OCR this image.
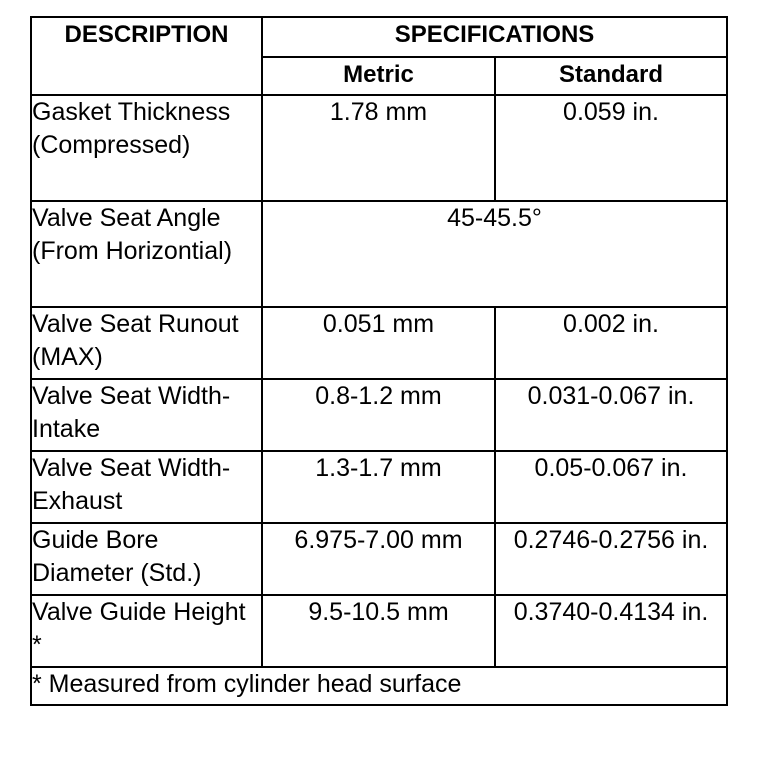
DESCRIPTION	SPECIFICATIONS	
	Metric	Standard
Gasket Thickness (Compressed)	1.78 mm	0.059 in.
Valve Seat Angle (From Horizontial)	45-45.5°	
Valve Seat Runout (MAX)	0.051 mm	0.002 in.
Valve Seat Width-Intake	0.8-1.2 mm	0.031-0.067 in.
Valve Seat Width-Exhaust	1.3-1.7 mm	0.05-0.067 in.
Guide Bore Diameter (Std.)	6.975-7.00 mm	0.2746-0.2756 in.
Valve Guide Height *	9.5-10.5 mm	0.3740-0.4134 in.
* Measured from cylinder head surface		
